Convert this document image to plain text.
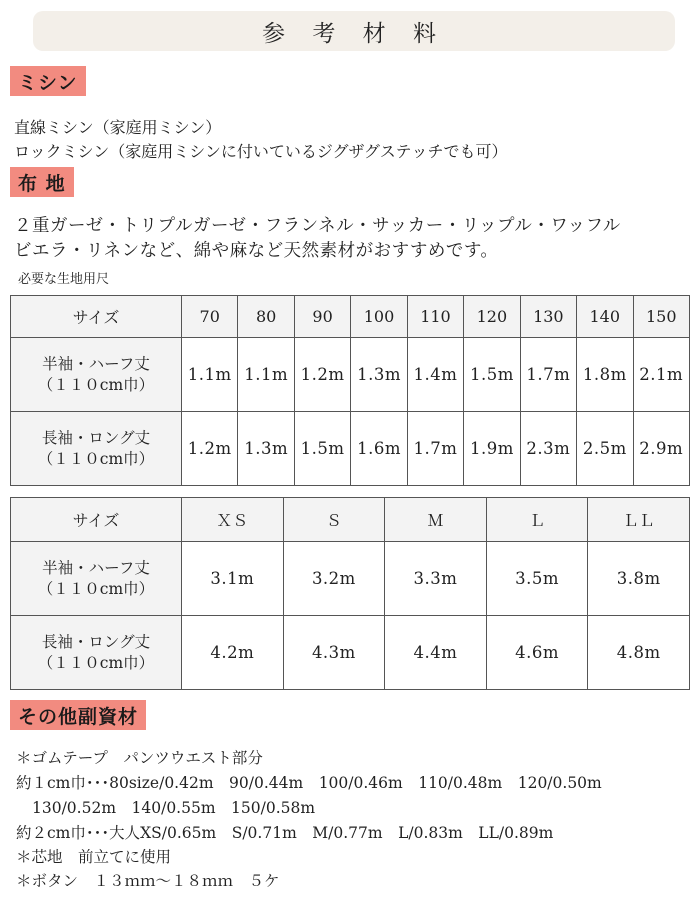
参 考 材 料
ミシン
直線ミシン（家庭用ミシン）
ロックミシン（家庭用ミシンに付いているジグザグステッチでも可）
布 地
２重ガーゼ・トリプルガーゼ・フランネル・サッカー・リップル・ワッフル
ビエラ・リネンなど、綿や麻など天然素材がおすすめです。
必要な生地用尺
サイズ	70	80	90	100	110	120	130	140	150

半袖・ハーフ丈
（１１０cm巾）	1.1m	1.1m	1.2m	1.3m	1.4m	1.5m	1.7m	1.8m	2.1m

長袖・ロング丈
（１１０cm巾）	1.2m	1.3m	1.5m	1.6m	1.7m	1.9m	2.3m	2.5m	2.9m
サイズ	ＸＳ	Ｓ	Ｍ	Ｌ	ＬＬ

半袖・ハーフ丈
（１１０cm巾）	3.1m	3.2m	3.3m	3.5m	3.8m

長袖・ロング丈
（１１０cm巾）	4.2m	4.3m	4.4m	4.6m	4.8m
その他副資材
＊ゴムテープ　パンツウエスト部分
約１cm巾･･･80size/0.42m　90/0.44m　100/0.46m　110/0.48m　120/0.50m
130/0.52m　140/0.55m　150/0.58m
約２cm巾･･･大人XS/0.65m　S/0.71m　M/0.77m　L/0.83m　LL/0.89m
＊芯地　前立てに使用
＊ボタン　１３ｍｍ〜１８ｍｍ　５ケ
